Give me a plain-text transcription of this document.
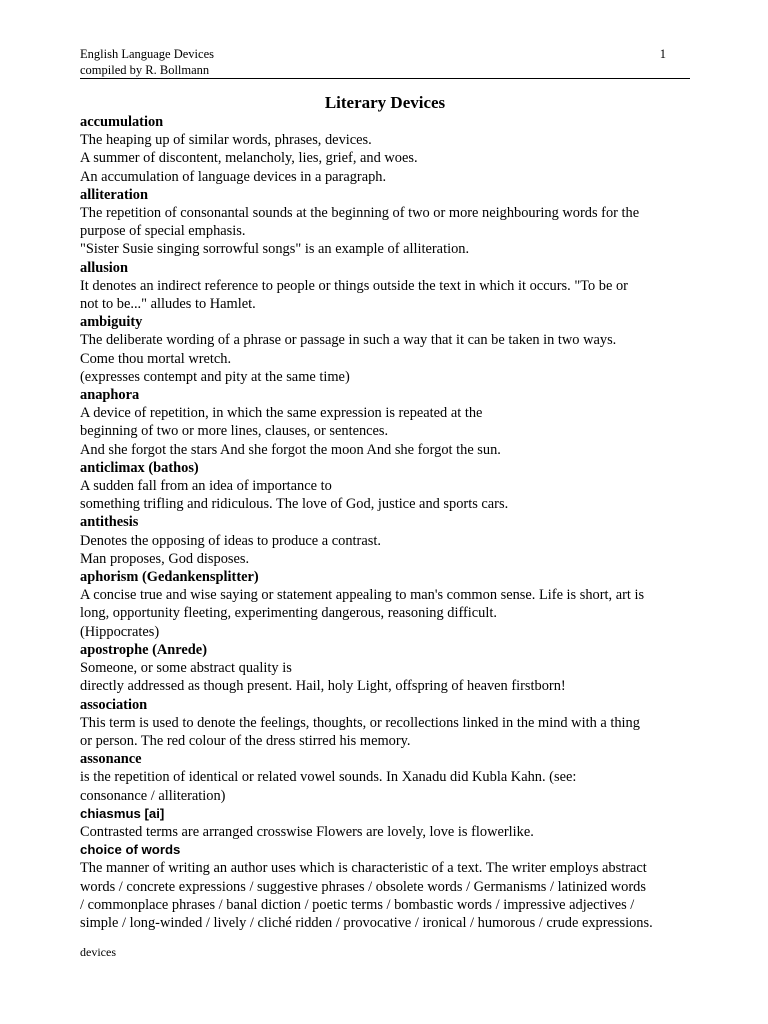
English Language Devices
compiled by R. Bollmann
1
Literary Devices
accumulation
The heaping up of similar words, phrases, devices.
A summer of discontent, melancholy, lies, grief, and woes.
An accumulation of language devices in a paragraph.
alliteration
The repetition of consonantal sounds at the beginning of two or more neighbouring words for the
purpose of special emphasis.
"Sister Susie singing sorrowful songs" is an example of alliteration.
allusion
It denotes an indirect reference to people or things outside the text in which it occurs. "To be or
not to be..." alludes to Hamlet.
ambiguity
The deliberate wording of a phrase or passage in such a way that it can be taken in two ways.
Come thou mortal wretch.
(expresses contempt and pity at the same time)
anaphora
A device of repetition, in which the same expression is repeated at the
beginning of two or more lines, clauses, or sentences.
And she forgot the stars And she forgot the moon And she forgot the sun.
anticlimax (bathos)
A sudden fall from an idea of importance to
something trifling and ridiculous. The love of God, justice and sports cars.
antithesis
Denotes the opposing of ideas to produce a contrast.
Man proposes, God disposes.
aphorism (Gedankensplitter)
A concise true and wise saying or statement appealing to man's common sense. Life is short, art is
long, opportunity fleeting, experimenting dangerous, reasoning difficult.
(Hippocrates)
apostrophe (Anrede)
Someone, or some abstract quality is
directly addressed as though present. Hail, holy Light, offspring of heaven firstborn!
association
This term is used to denote the feelings, thoughts, or recollections linked in the mind with a thing
or person. The red colour of the dress stirred his memory.
assonance
is the repetition of identical or related vowel sounds. In Xanadu did Kubla Kahn. (see:
consonance / alliteration)
chiasmus [ai]
Contrasted terms are arranged crosswise Flowers are lovely, love is flowerlike.
choice of words
The manner of writing an author uses which is characteristic of a text. The writer employs abstract
words / concrete expressions / suggestive phrases / obsolete words / Germanisms / latinized words
/ commonplace phrases / banal diction / poetic terms / bombastic words / impressive adjectives /
simple / long-winded / lively / cliché ridden / provocative / ironical / humorous / crude expressions.
devices
